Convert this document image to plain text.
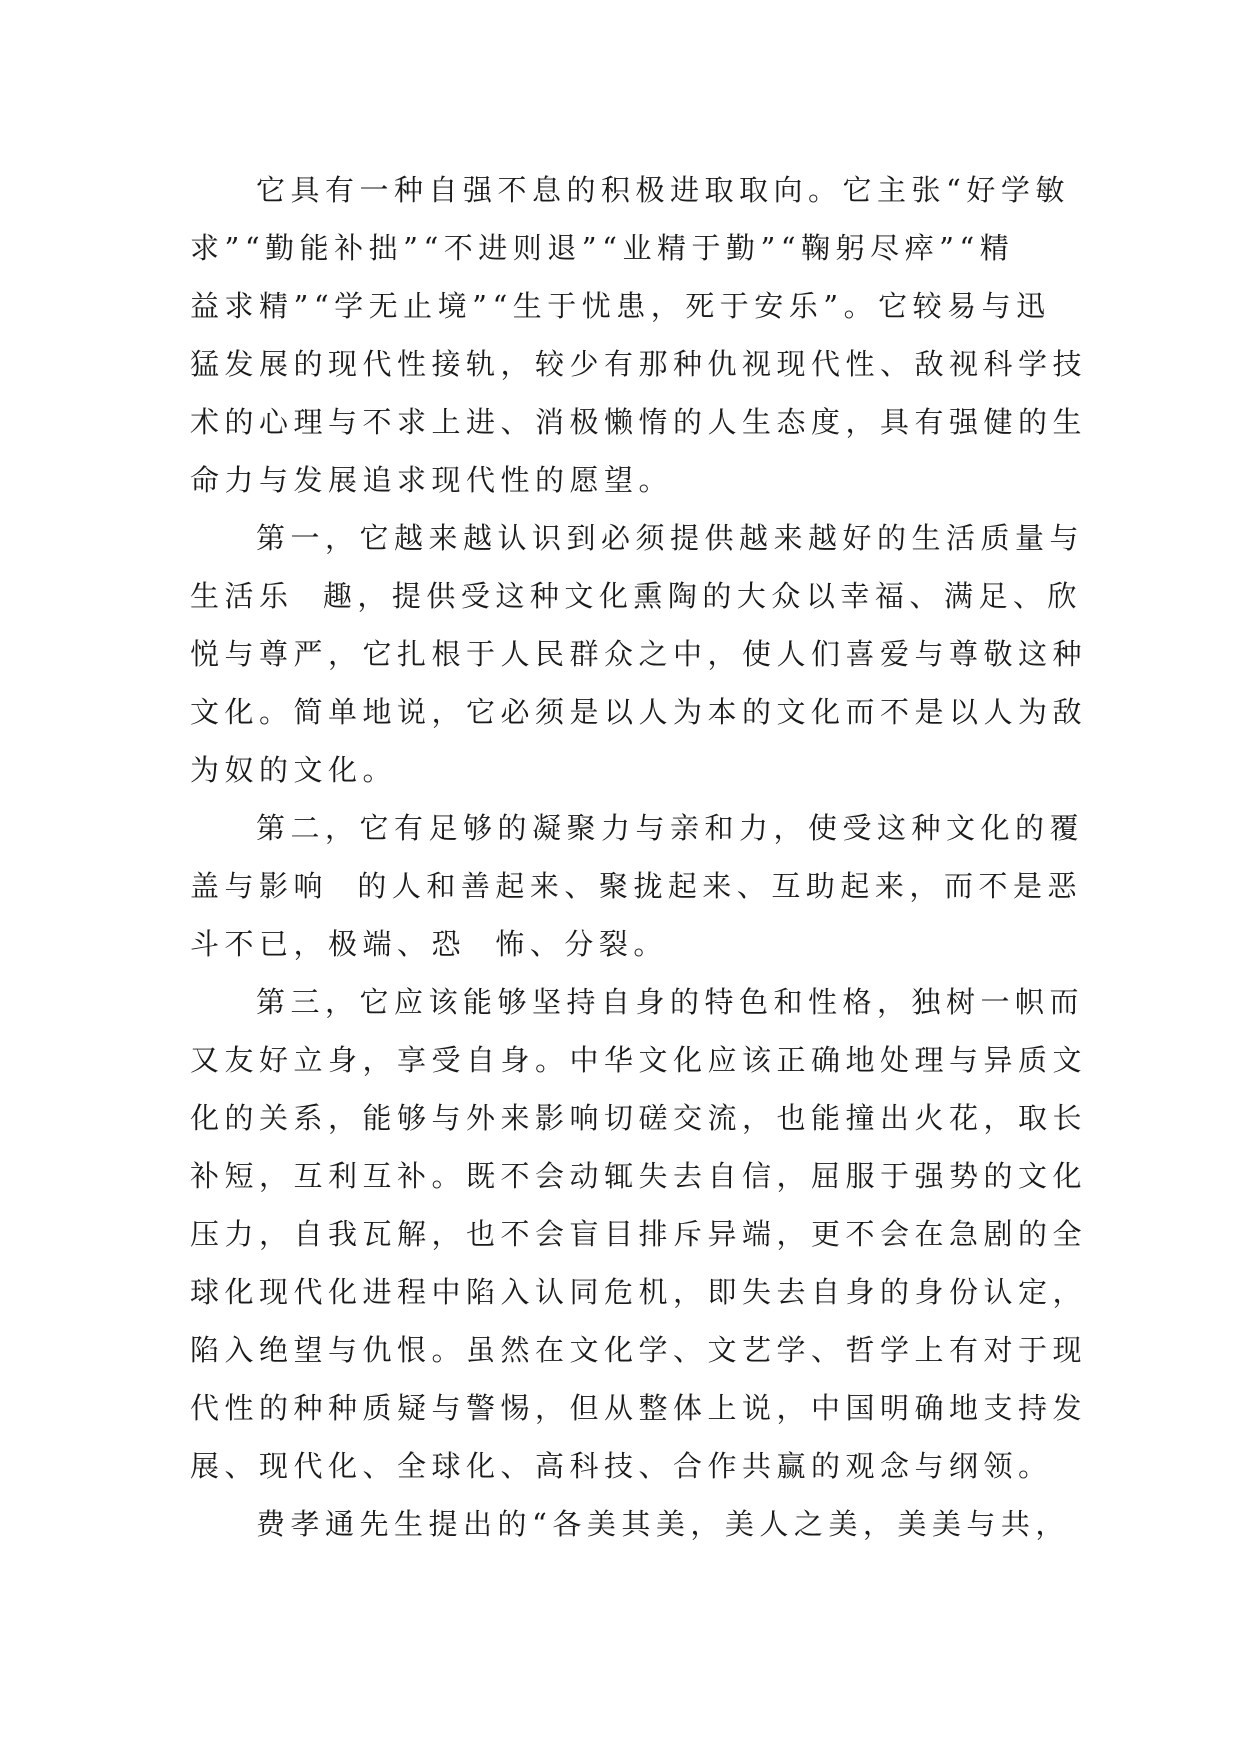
它具有一种自强不息的积极进取取向。它主张“好学敏
求”“勤能补拙”“不进则退”“业精于勤”“鞠躬尽瘁”“精
益求精”“学无止境”“生于忧患，死于安乐”。它较易与迅
猛发展的现代性接轨，较少有那种仇视现代性、敌视科学技
术的心理与不求上进、消极懒惰的人生态度，具有强健的生
命力与发展追求现代性的愿望。
第一，它越来越认识到必须提供越来越好的生活质量与
生活乐  趣，提供受这种文化熏陶的大众以幸福、满足、欣
悦与尊严，它扎根于人民群众之中，使人们喜爱与尊敬这种
文化。简单地说，它必须是以人为本的文化而不是以人为敌
为奴的文化。
第二，它有足够的凝聚力与亲和力，使受这种文化的覆
盖与影响  的人和善起来、聚拢起来、互助起来，而不是恶
斗不已，极端、恐  怖、分裂。
第三，它应该能够坚持自身的特色和性格，独树一帜而
又友好立身，享受自身。中华文化应该正确地处理与异质文
化的关系，能够与外来影响切磋交流，也能撞出火花，取长
补短，互利互补。既不会动辄失去自信，屈服于强势的文化
压力，自我瓦解，也不会盲目排斥异端，更不会在急剧的全
球化现代化进程中陷入认同危机，即失去自身的身份认定，
陷入绝望与仇恨。虽然在文化学、文艺学、哲学上有对于现
代性的种种质疑与警惕，但从整体上说，中国明确地支持发
展、现代化、全球化、高科技、合作共赢的观念与纲领。
费孝通先生提出的“各美其美，美人之美，美美与共，
